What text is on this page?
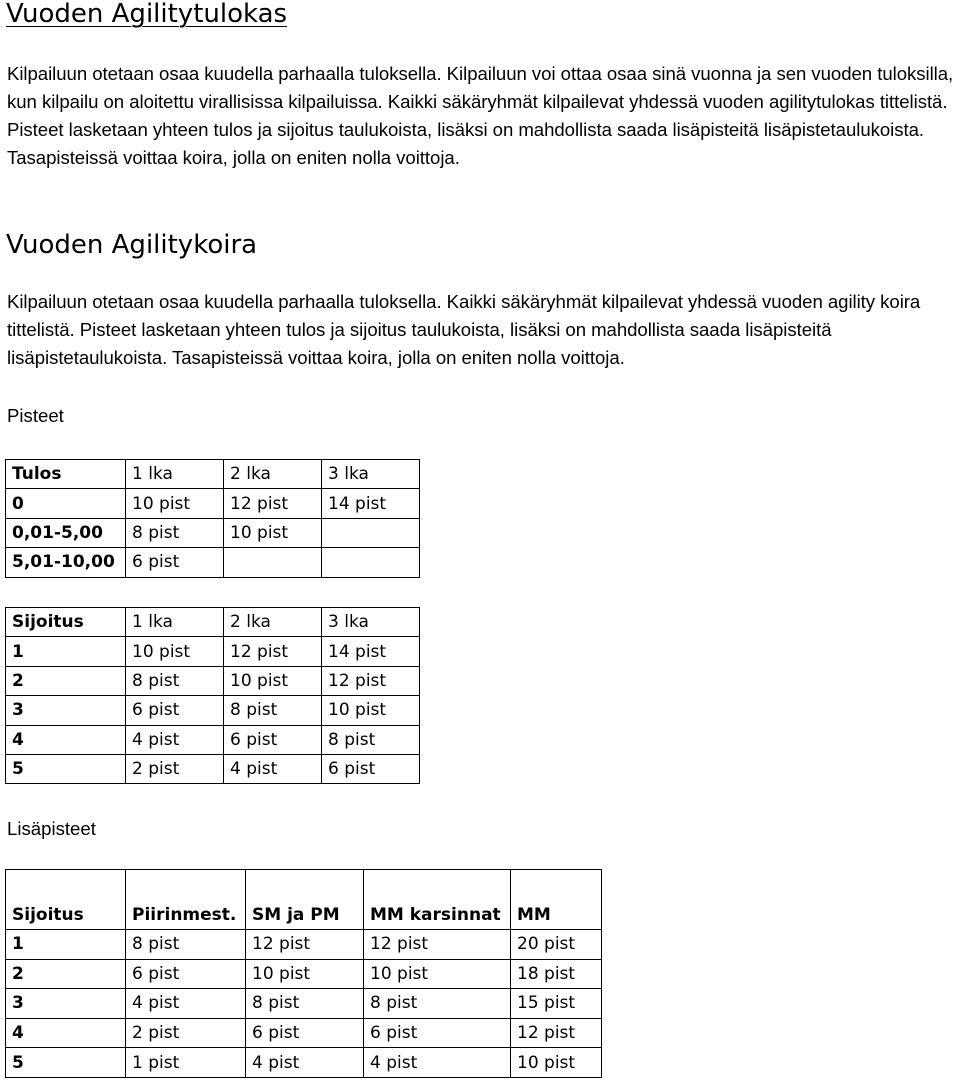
Vuoden Agilitytulokas

Kilpailuun otetaan osaa kuudella parhaalla tuloksella. Kilpailuun voi ottaa osaa sinä vuonna ja sen vuoden tuloksilla, kun kilpailu on aloitettu virallisissa kilpailuissa. Kaikki säkäryhmät kilpailevat yhdessä vuoden agilitytulokas tittelistä. Pisteet lasketaan yhteen tulos ja sijoitus taulukoista, lisäksi on mahdollista saada lisäpisteitä lisäpistetaulukoista. Tasapisteissä voittaa koira, jolla on eniten nolla voittoja.

Vuoden Agilitykoira

Kilpailuun otetaan osaa kuudella parhaalla tuloksella. Kaikki säkäryhmät kilpailevat yhdessä vuoden agility koira tittelistä. Pisteet lasketaan yhteen tulos ja sijoitus taulukoista, lisäksi on mahdollista saada lisäpisteitä lisäpistetaulukoista. Tasapisteissä voittaa koira, jolla on eniten nolla voittoja.

Pisteet

Tulos	1 lka	2 lka	3 lka
0	10 pist	12 pist	14 pist
0,01-5,00	8 pist	10 pist	
5,01-10,00	6 pist		
Sijoitus	1 lka	2 lka	3 lka
1	10 pist	12 pist	14 pist
2	8 pist	10 pist	12 pist
3	6 pist	8 pist	10 pist
4	4 pist	6 pist	8 pist
5	2 pist	4 pist	6 pist

Lisäpisteet

Sijoitus	Piirinmest.	SM ja PM	MM karsinnat	MM
1	8 pist	12 pist	12 pist	20 pist
2	6 pist	10 pist	10 pist	18 pist
3	4 pist	8 pist	8 pist	15 pist
4	2 pist	6 pist	6 pist	12 pist
5	1 pist	4 pist	4 pist	10 pist
